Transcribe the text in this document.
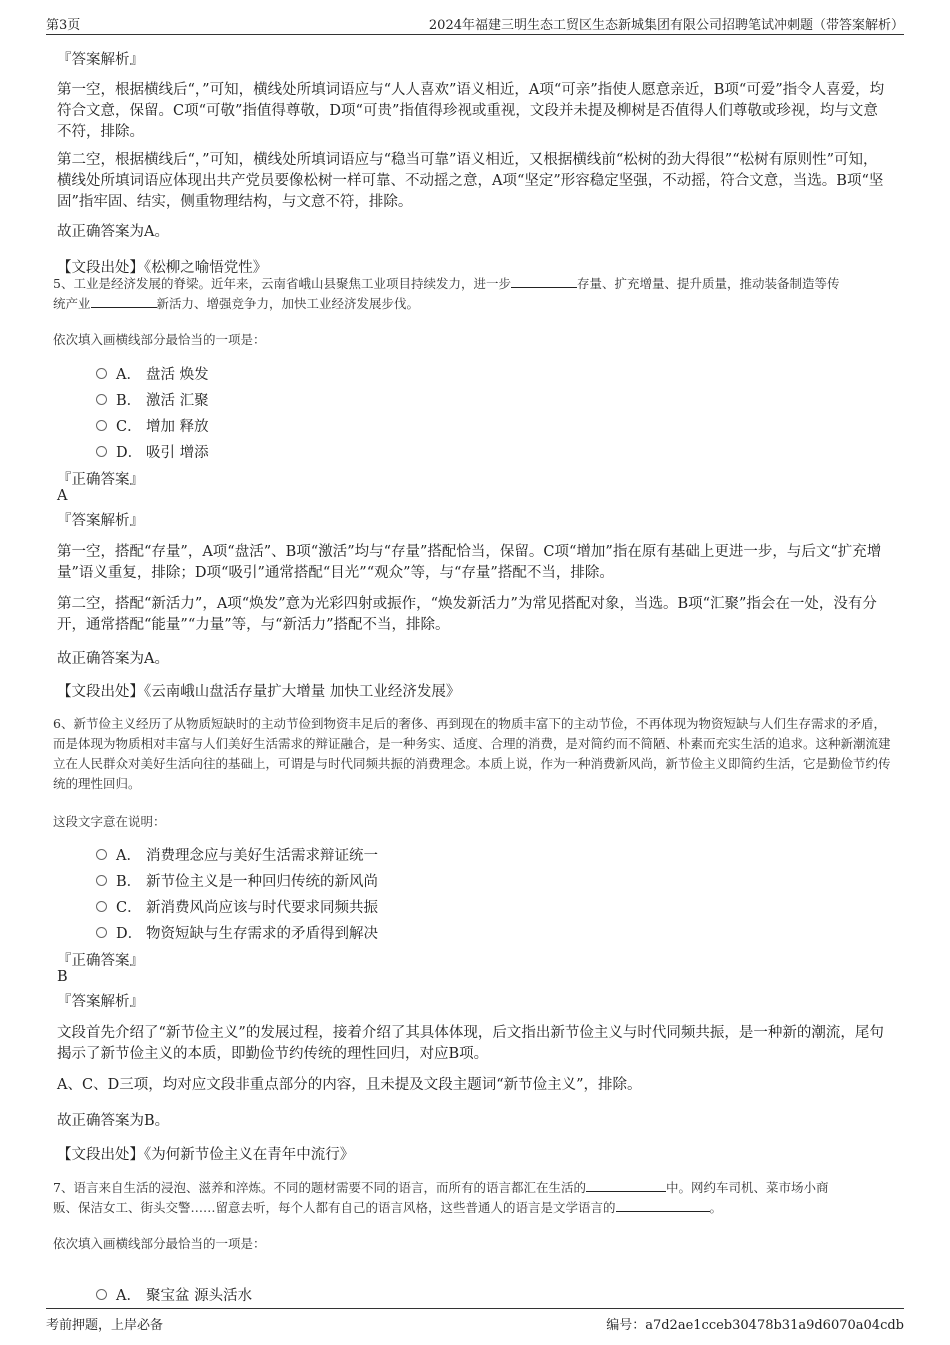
第3页	2024年福建三明生态工贸区生态新城集团有限公司招聘笔试冲刺题（带答案解析）
『答案解析』
第一空，根据横线后“，”可知，横线处所填词语应与“人人喜欢”语义相近，A项“可亲”指使人愿意亲近，B项“可爱”指令人喜爱，均符合文意，保留。C项“可敬”指值得尊敬，D项“可贵”指值得珍视或重视，文段并未提及柳树是否值得人们尊敬或珍视，均与文意不符，排除。
第二空，根据横线后“，”可知，横线处所填词语应与“稳当可靠”语义相近，又根据横线前“松树的劲大得很”“松树有原则性”可知，横线处所填词语应体现出共产党员要像松树一样可靠、不动摇之意，A项“坚定”形容稳定坚强，不动摇，符合文意，当选。B项“坚固”指牢固、结实，侧重物理结构，与文意不符，排除。
故正确答案为A。
【文段出处】《松柳之喻悟党性》
5、工业是经济发展的脊梁。近年来，云南省峨山县聚焦工业项目持续发力，进一步	存量、扩充增量、提升质量，推动装备制造等传
统产业	新活力、增强竞争力，加快工业经济发展步伐。
依次填入画横线部分最恰当的一项是：
A． 盘活 焕发
B． 激活 汇聚
C． 增加 释放
D． 吸引 增添
『正确答案』
A
『答案解析』
第一空，搭配“存量”，A项“盘活”、B项“激活”均与“存量”搭配恰当，保留。C项“增加”指在原有基础上更进一步，与后文“扩充增量”语义重复，排除；D项“吸引”通常搭配“目光”“观众”等，与“存量”搭配不当，排除。
第二空，搭配“新活力”，A项“焕发”意为光彩四射或振作，“焕发新活力”为常见搭配对象，当选。B项“汇聚”指会在一处，没有分开，通常搭配“能量”“力量”等，与“新活力”搭配不当，排除。
故正确答案为A。
【文段出处】《云南峨山盘活存量扩大增量 加快工业经济发展》
6、新节俭主义经历了从物质短缺时的主动节俭到物资丰足后的奢侈、再到现在的物质丰富下的主动节俭，不再体现为物资短缺与人们生存需求的矛盾，而是体现为物质相对丰富与人们美好生活需求的辩证融合，是一种务实、适度、合理的消费，是对简约而不简陋、朴素而充实生活的追求。这种新潮流建立在人民群众对美好生活向往的基础上，可谓是与时代同频共振的消费理念。本质上说，作为一种消费新风尚，新节俭主义即简约生活，它是勤俭节约传统的理性回归。
这段文字意在说明：
A． 消费理念应与美好生活需求辩证统一
B． 新节俭主义是一种回归传统的新风尚
C． 新消费风尚应该与时代要求同频共振
D． 物资短缺与生存需求的矛盾得到解决
『正确答案』
B
『答案解析』
文段首先介绍了“新节俭主义”的发展过程，接着介绍了其具体体现，后文指出新节俭主义与时代同频共振，是一种新的潮流，尾句揭示了新节俭主义的本质，即勤俭节约传统的理性回归，对应B项。
A、C、D三项，均对应文段非重点部分的内容，且未提及文段主题词“新节俭主义”，排除。
故正确答案为B。
【文段出处】《为何新节俭主义在青年中流行》
7、语言来自生活的浸泡、滋养和淬炼。不同的题材需要不同的语言，而所有的语言都汇在生活的	中。网约车司机、菜市场小商
贩、保洁女工、街头交警……留意去听，每个人都有自己的语言风格，这些普通人的语言是文学语言的	。
依次填入画横线部分最恰当的一项是：
A． 聚宝盆 源头活水
考前押题，上岸必备	编号：a7d2ae1cceb30478b31a9d6070a04cdb
